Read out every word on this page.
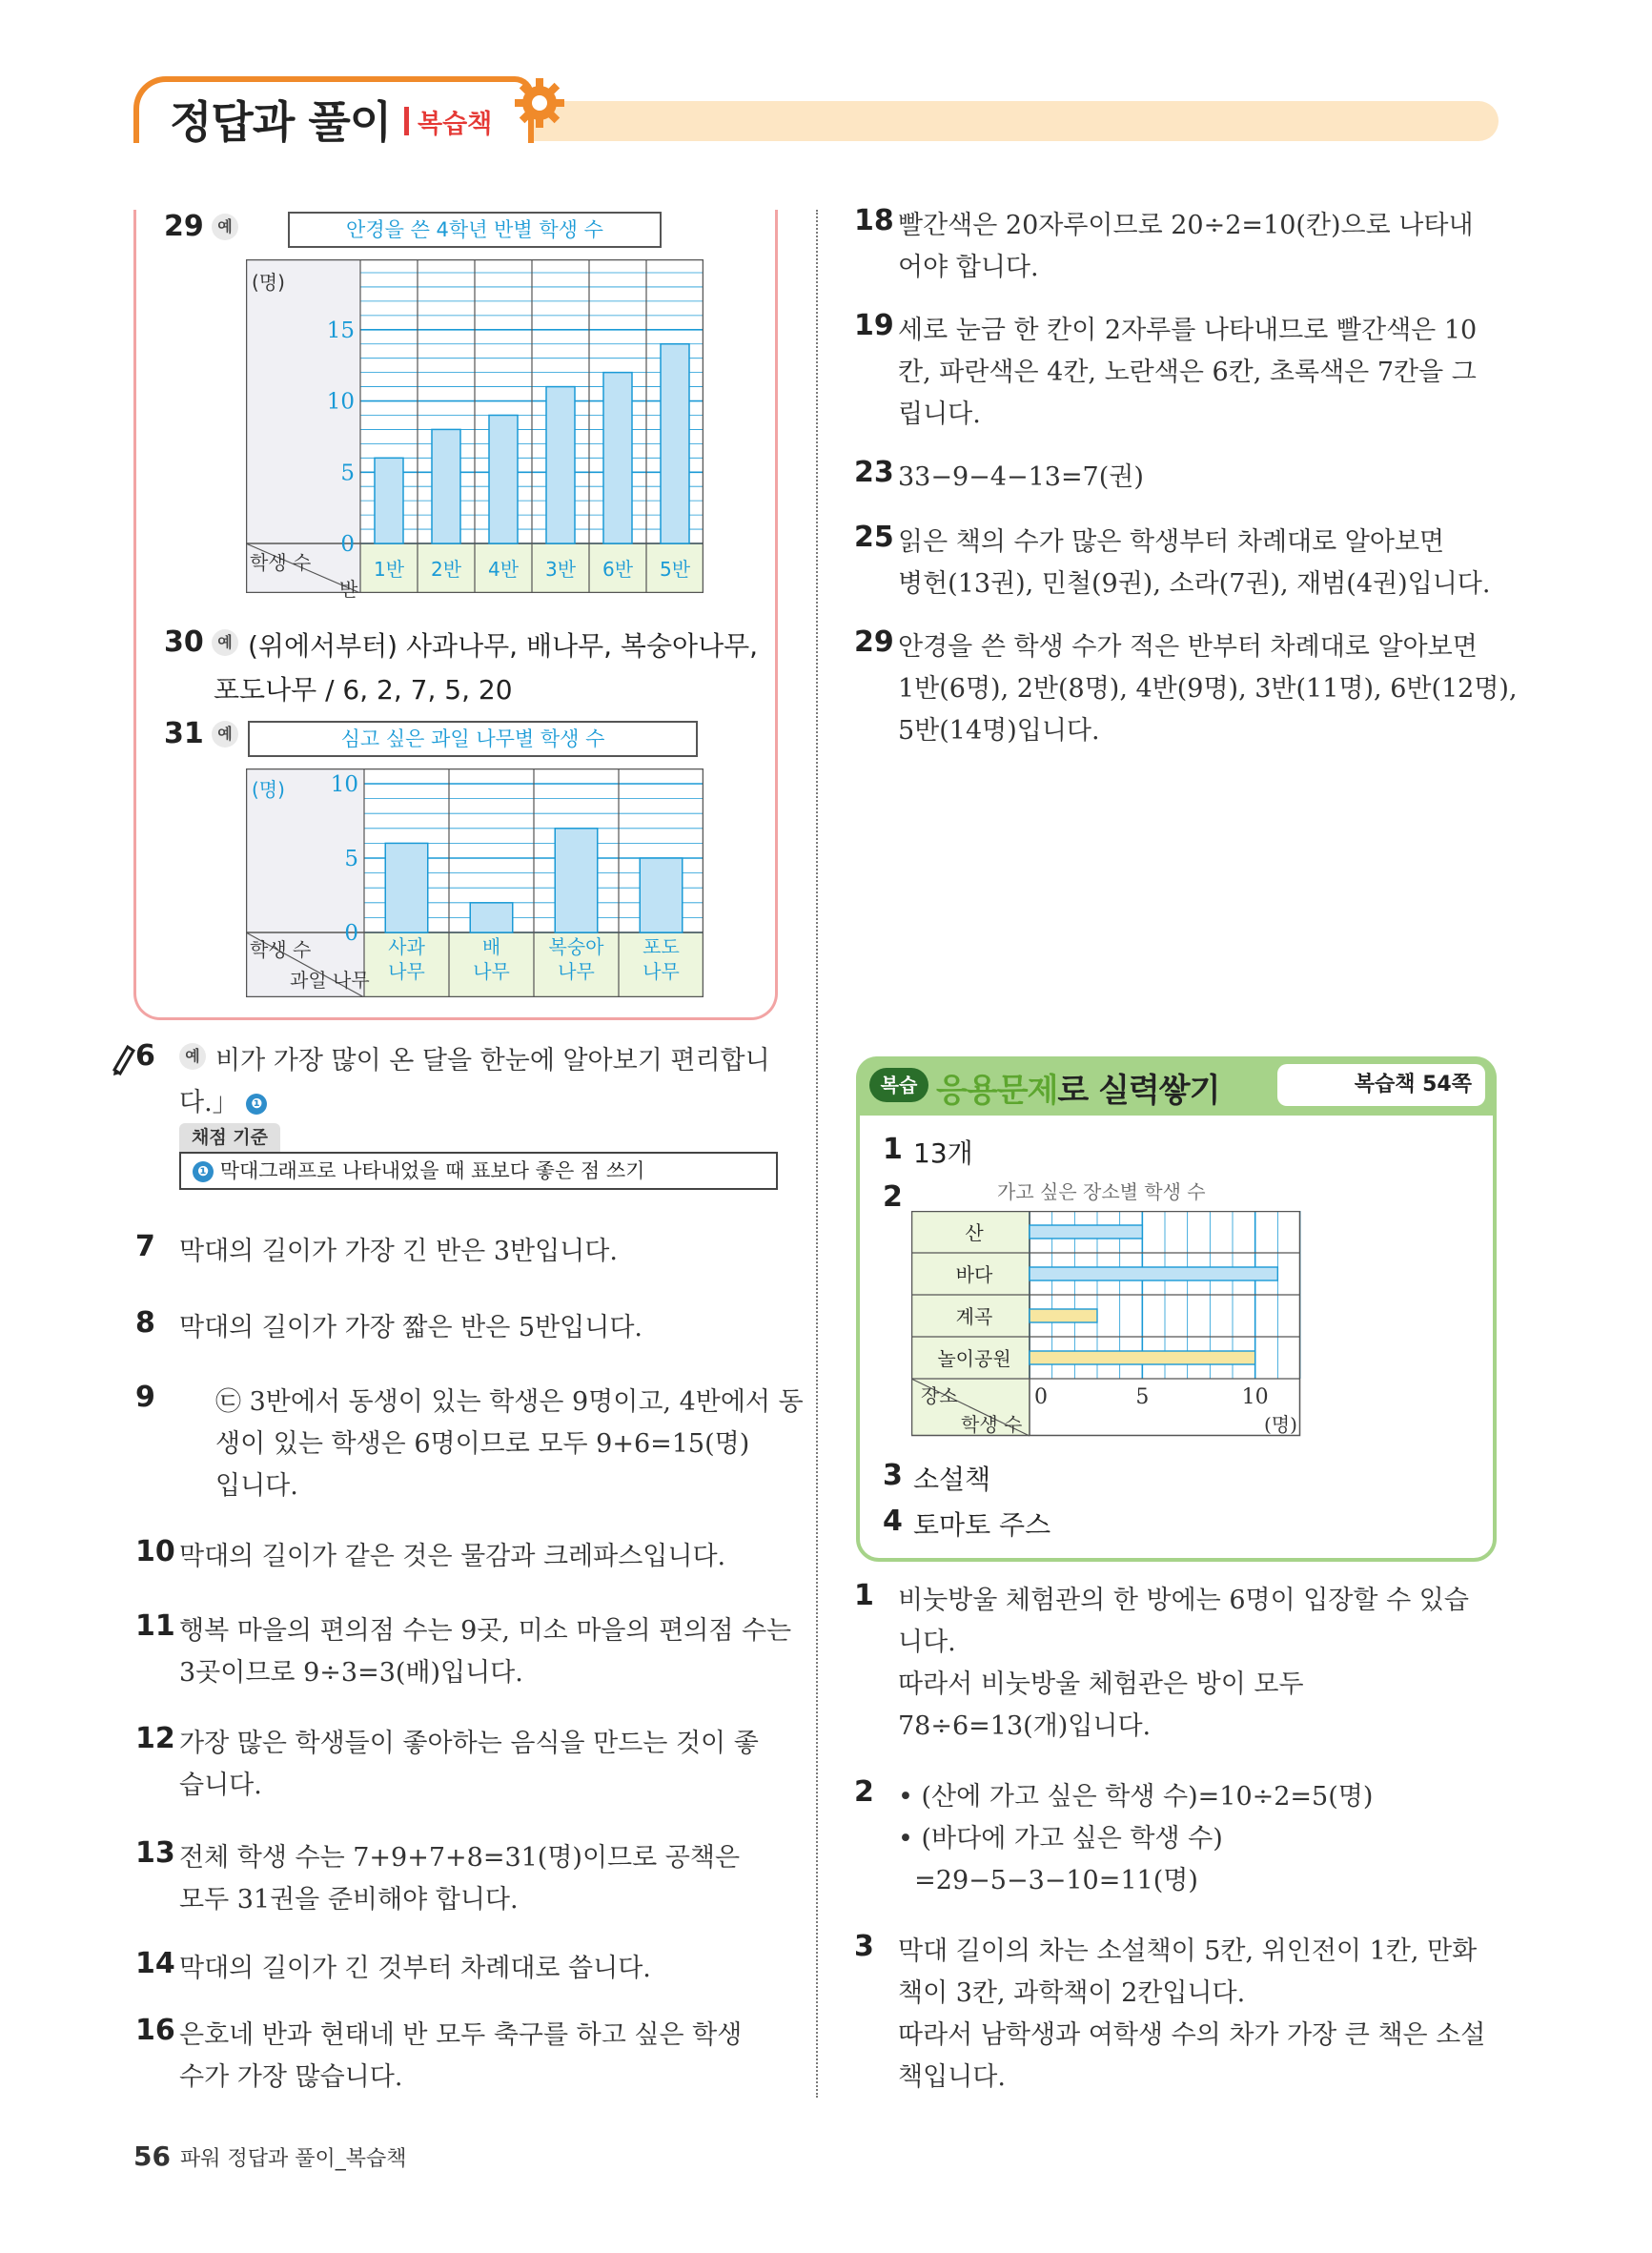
정답과 풀이 복습책
29 예	안경을 쓴 4학년 반별 학생 수
0
5
10
15
1반 2반 4반 3반 6반 5반
(명)
학생 수
반
30 예 (위에서부터) 사과나무, 배나무, 복숭아나무,
포도나무 / 6, 2, 7, 5, 20
31 예	심고 싶은 과일 나무별 학생 수
0
5
10
사과
나무
배
나무
복숭아
나무
포도
나무
(명)
학생 수
과일 나무
6	예 비가 가장 많이 온 달을 한눈에 알아보기 편리합니
다.」 ❶
채점 기준
❶ 막대그래프로 나타내었을 때 표보다 좋은 점 쓰기
7 막대의 길이가 가장 긴 반은 3반입니다.
8 막대의 길이가 가장 짧은 반은 5반입니다.
9 ㉢ 3반에서 동생이 있는 학생은 9명이고, 4반에서 동
생이 있는 학생은 6명이므로 모두 9+6=15(명)
입니다.
10 막대의 길이가 같은 것은 물감과 크레파스입니다.
11 행복 마을의 편의점 수는 9곳, 미소 마을의 편의점 수는
3곳이므로 9÷3=3(배)입니다.
12 가장 많은 학생들이 좋아하는 음식을 만드는 것이 좋
습니다.
13 전체 학생 수는 7+9+7+8=31(명)이므로 공책은
모두 31권을 준비해야 합니다.
14 막대의 길이가 긴 것부터 차례대로 씁니다.
16 은호네 반과 현태네 반 모두 축구를 하고 싶은 학생
수가 가장 많습니다.
18 빨간색은 20자루이므로 20÷2=10(칸)으로 나타내
어야 합니다.
19 세로 눈금 한 칸이 2자루를 나타내므로 빨간색은 10
칸, 파란색은 4칸, 노란색은 6칸, 초록색은 7칸을 그
립니다.
23 33−9−4−13=7(권)
25 읽은 책의 수가 많은 학생부터 차례대로 알아보면
병헌(13권), 민철(9권), 소라(7권), 재범(4권)입니다.
29 안경을 쓴 학생 수가 적은 반부터 차례대로 알아보면
1반(6명), 2반(8명), 4반(9명), 3반(11명), 6반(12명),
5반(14명)입니다.
복습 응용문제로 실력쌓기	복습책 54쪽
1 13개
2	가고 싶은 장소별 학생 수
산
바다
계곡
놀이공원
0	5	10
장소
학생 수	(명)
3 소설책
4 토마토 주스
1 비눗방울 체험관의 한 방에는 6명이 입장할 수 있습
니다.
따라서 비눗방울 체험관은 방이 모두
78÷6=13(개)입니다.
2 • (산에 가고 싶은 학생 수)=10÷2=5(명)
• (바다에 가고 싶은 학생 수)
=29−5−3−10=11(명)
3 막대 길이의 차는 소설책이 5칸, 위인전이 1칸, 만화
책이 3칸, 과학책이 2칸입니다.
따라서 남학생과 여학생 수의 차가 가장 큰 책은 소설
책입니다.
56 파워 정답과 풀이_복습책
